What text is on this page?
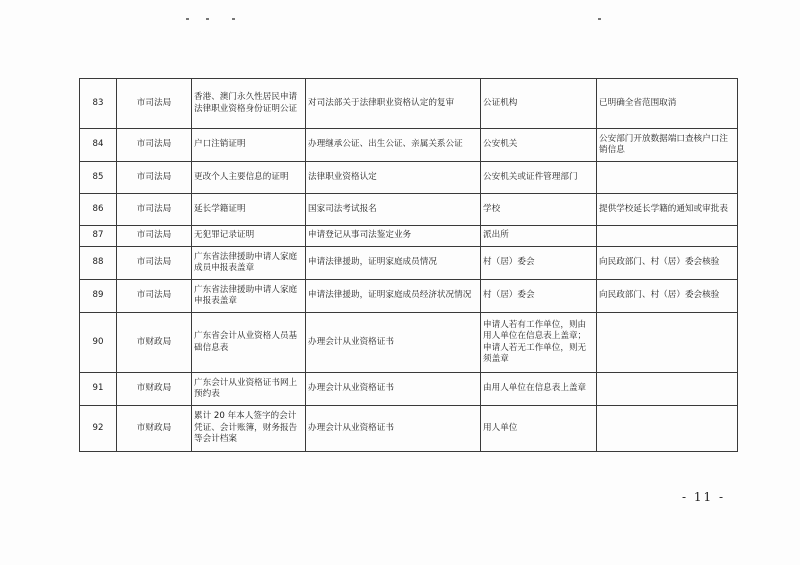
83	市司法局	香港、澳门永久性居民申请法律职业资格身份证明公证	对司法部关于法律职业资格认定的复审	公证机构	已明确全省范围取消
84	市司法局	户口注销证明	办理继承公证、出生公证、亲属关系公证	公安机关	公安部门开放数据端口查核户口注销信息
85	市司法局	更改个人主要信息的证明	法律职业资格认定	公安机关或证件管理部门	
86	市司法局	延长学籍证明	国家司法考试报名	学校	提供学校延长学籍的通知或审批表
87	市司法局	无犯罪记录证明	申请登记从事司法鉴定业务	派出所	
88	市司法局	广东省法律援助申请人家庭成员申报表盖章	申请法律援助，证明家庭成员情况	村（居）委会	向民政部门、村（居）委会核验
89	市司法局	广东省法律援助申请人家庭申报表盖章	申请法律援助，证明家庭成员经济状况情况	村（居）委会	向民政部门、村（居）委会核验
90	市财政局	广东省会计从业资格人员基础信息表	办理会计从业资格证书	申请人若有工作单位，则由用人单位在信息表上盖章；申请人若无工作单位，则无须盖章	
91	市财政局	广东会计从业资格证书网上预约表	办理会计从业资格证书	由用人单位在信息表上盖章	
92	市财政局	累计 20 年本人签字的会计凭证、会计账簿，财务报告等会计档案	办理会计从业资格证书	用人单位	
- 11 -
